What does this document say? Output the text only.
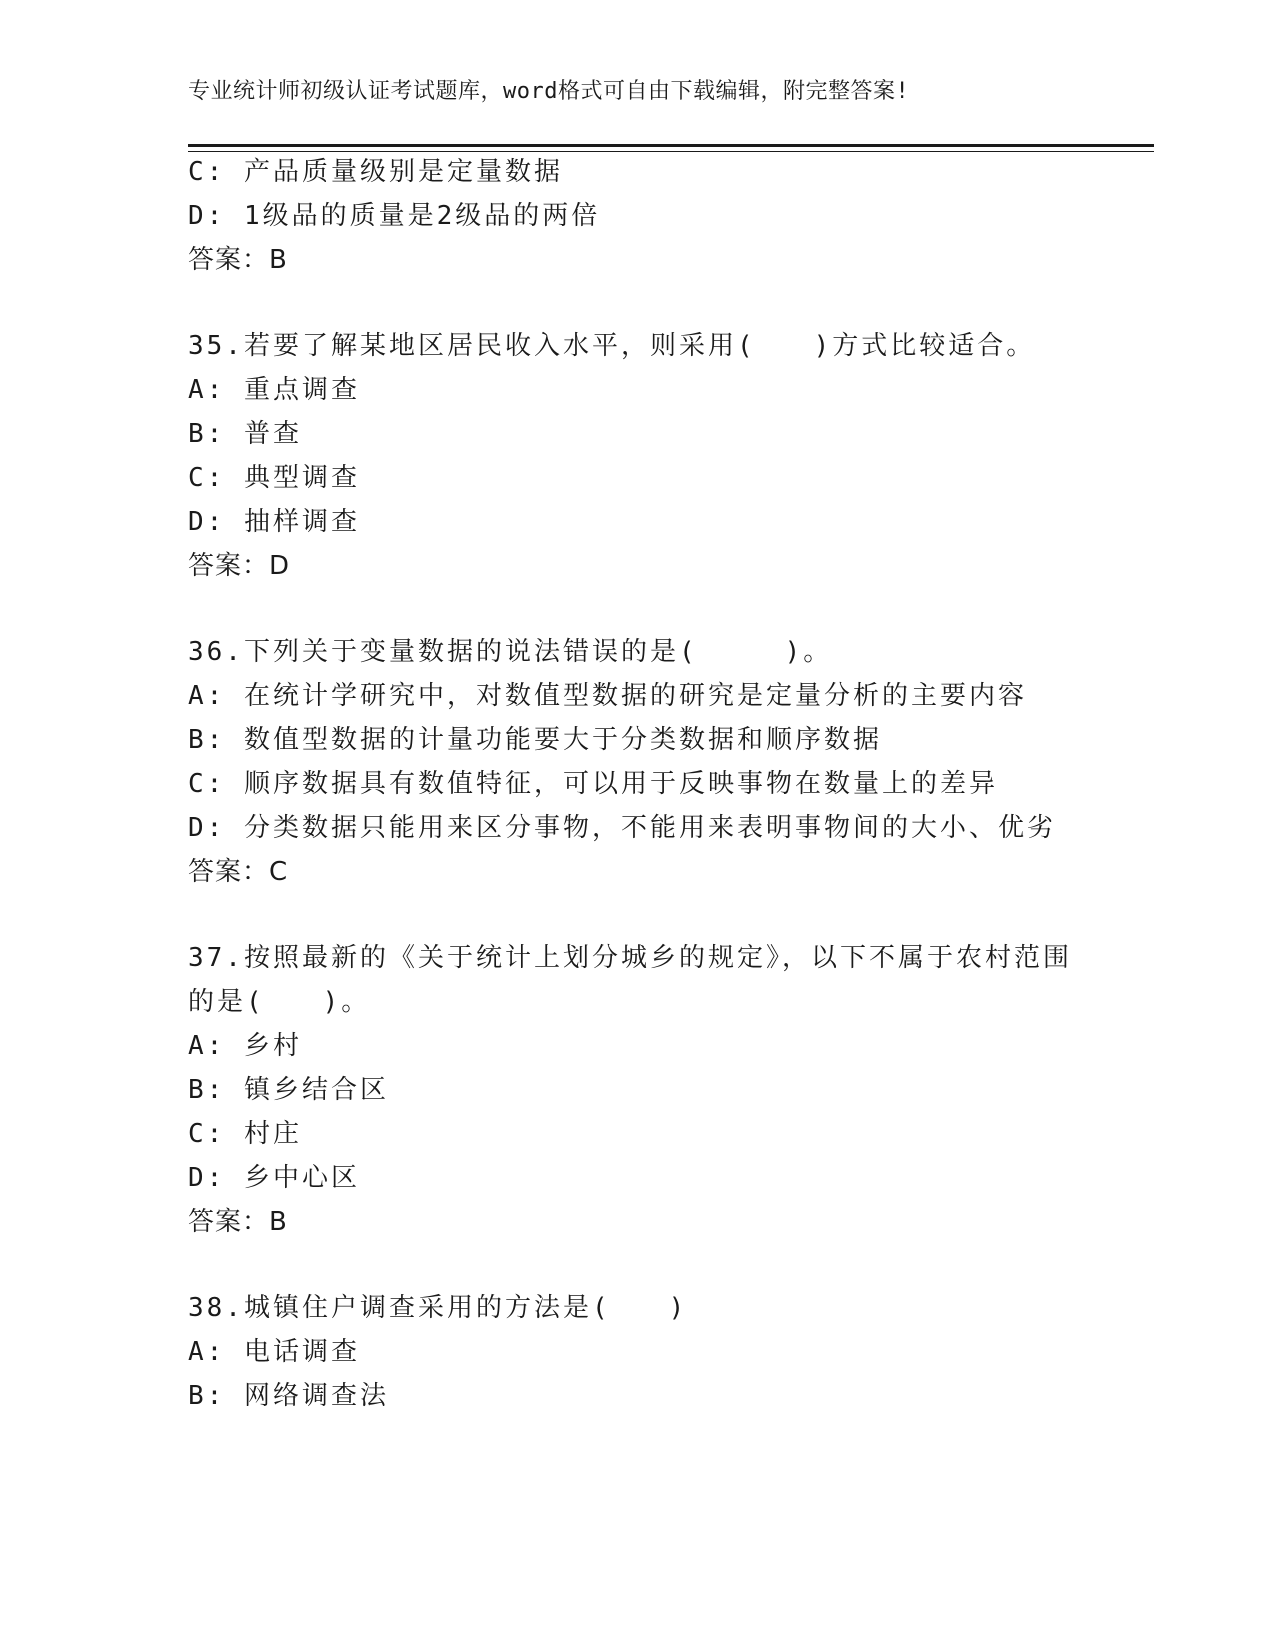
专业统计师初级认证考试题库，word格式可自由下载编辑，附完整答案!
C: 产品质量级别是定量数据
D: 1级品的质量是2级品的两倍
答案：B
35.若要了解某地区居民收入水平，则采用(　　)方式比较适合。
A: 重点调查
B: 普查
C: 典型调查
D: 抽样调查
答案：D
36.下列关于变量数据的说法错误的是(　　　)。
A: 在统计学研究中，对数值型数据的研究是定量分析的主要内容
B: 数值型数据的计量功能要大于分类数据和顺序数据
C: 顺序数据具有数值特征，可以用于反映事物在数量上的差异
D: 分类数据只能用来区分事物，不能用来表明事物间的大小、优劣
答案：C
37.按照最新的《关于统计上划分城乡的规定》，以下不属于农村范围
的是(　　)。
A: 乡村
B: 镇乡结合区
C: 村庄
D: 乡中心区
答案：B
38.城镇住户调查采用的方法是(　　)
A: 电话调查
B: 网络调查法
